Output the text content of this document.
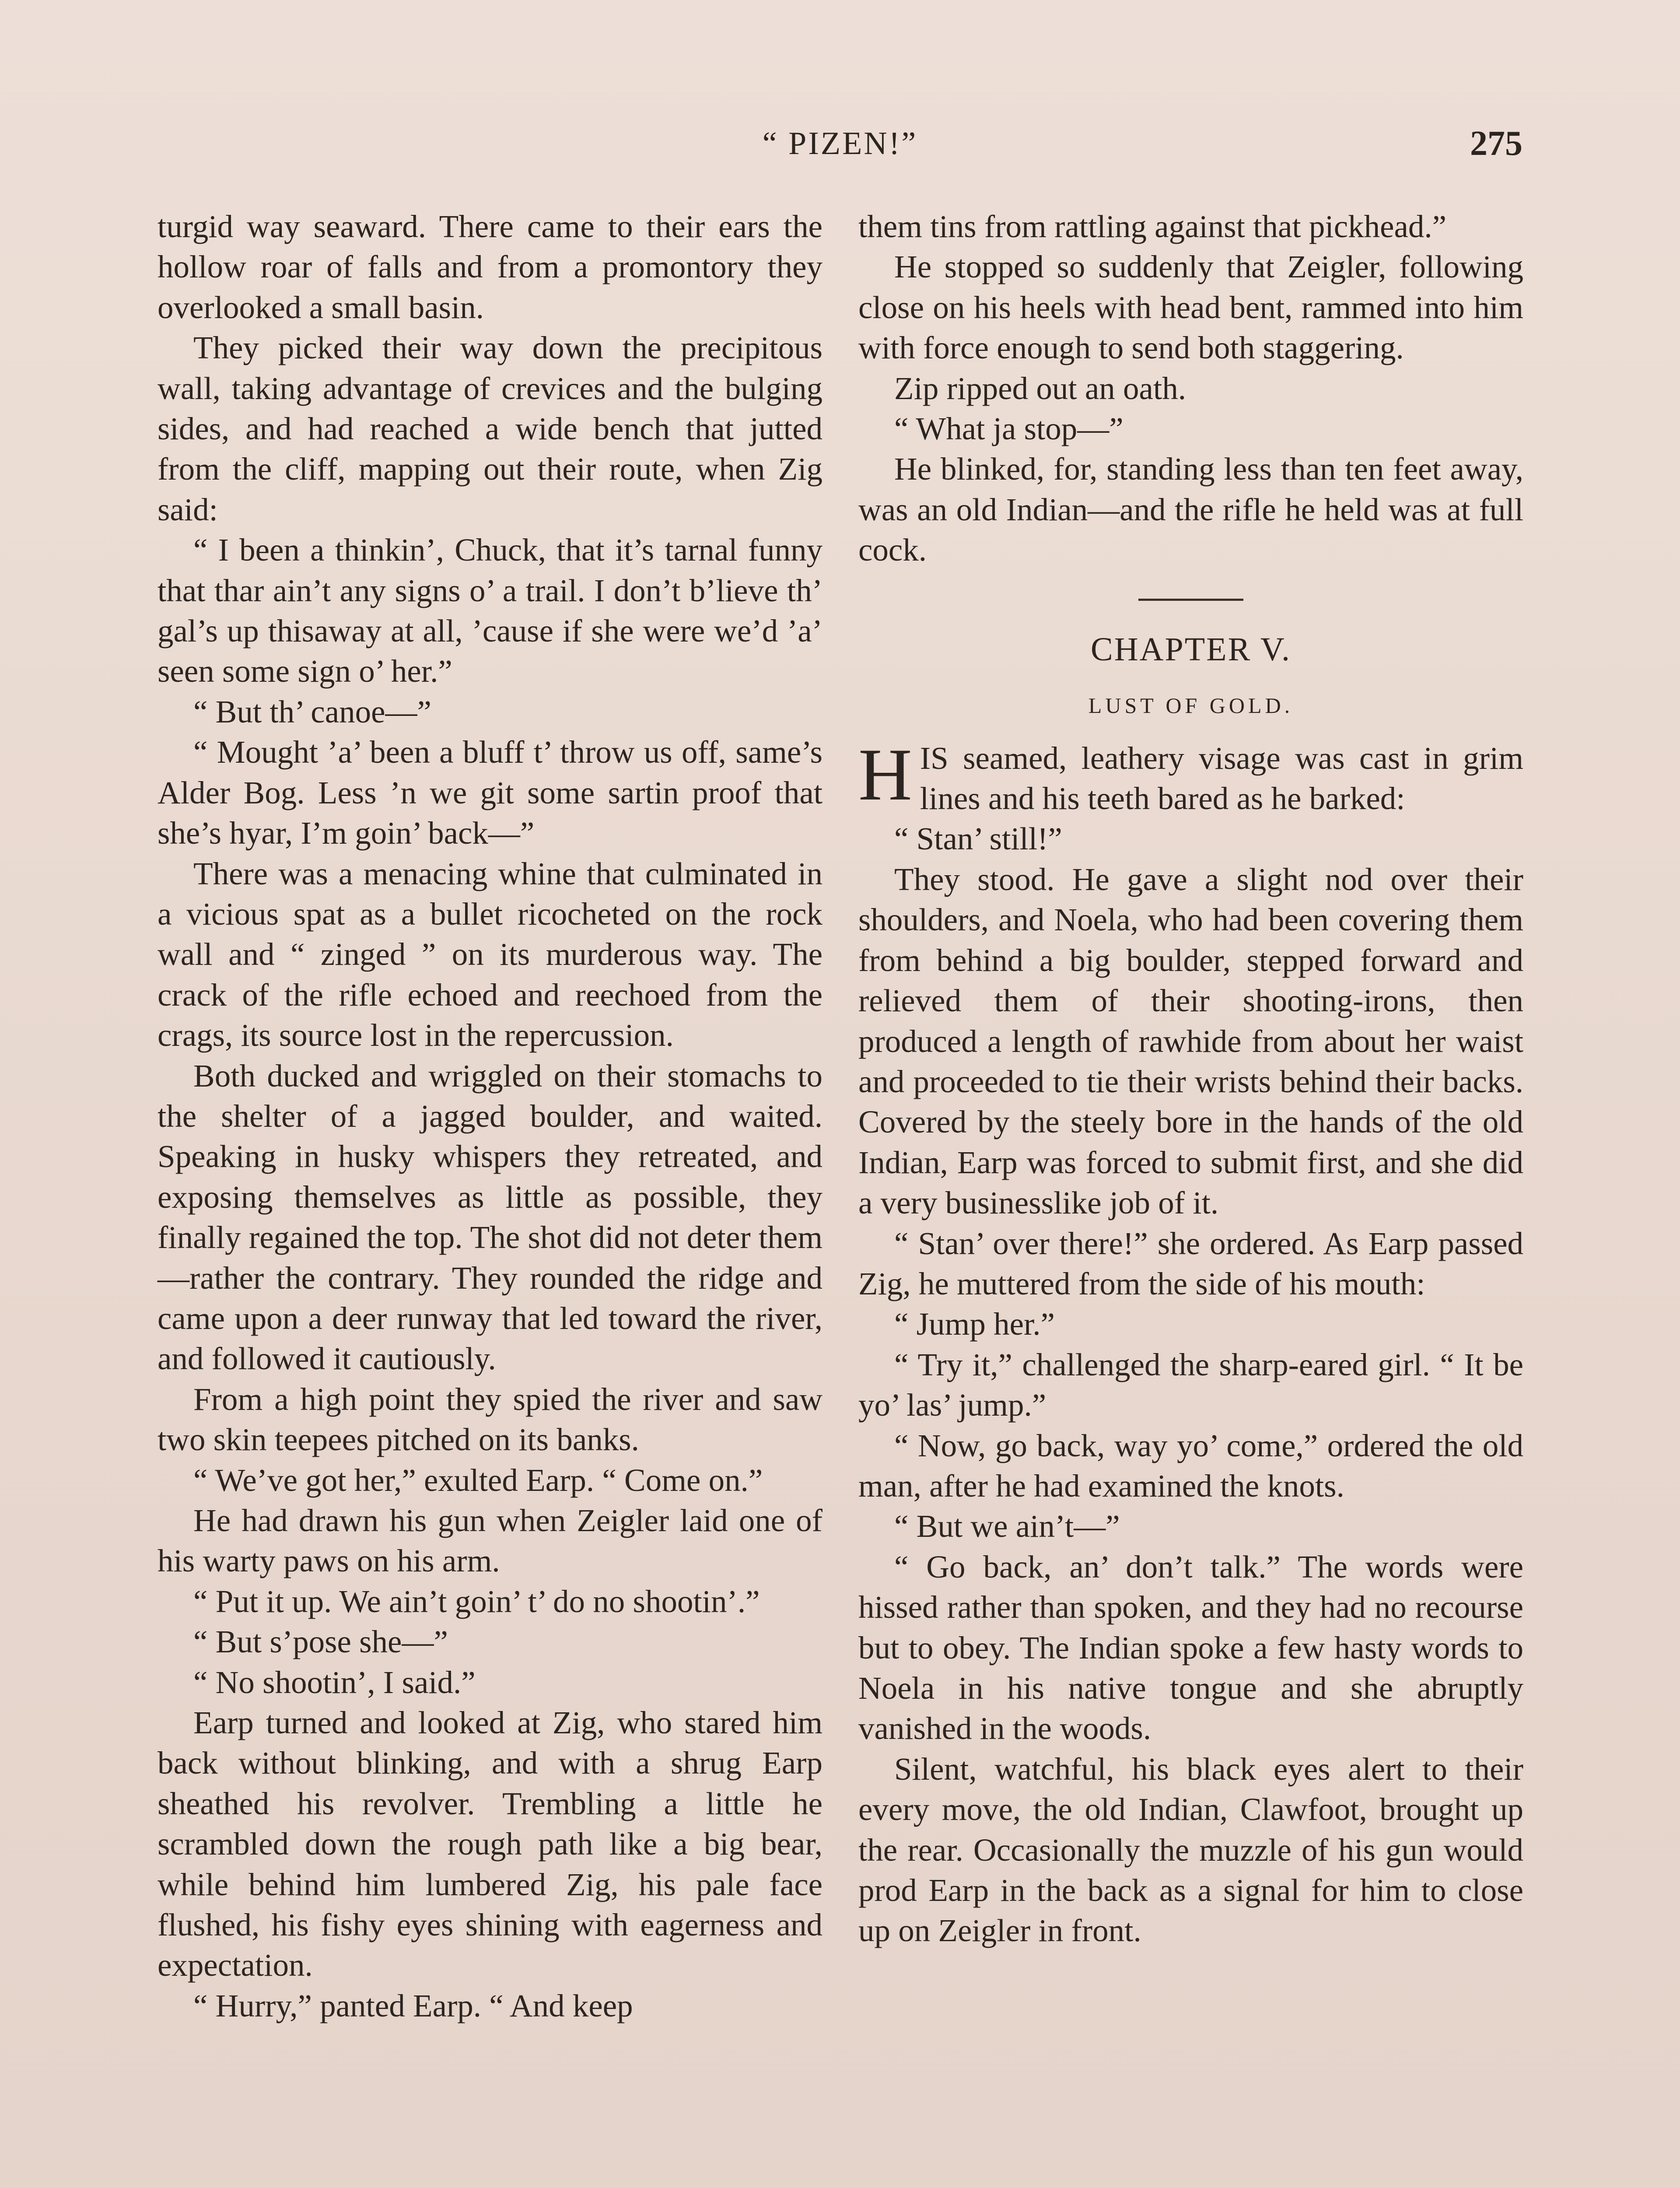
“ PIZEN!”	275

turgid way seaward. There came to their ears the hollow roar of falls and from a promontory they overlooked a small basin.

They picked their way down the precipitous wall, taking advantage of crevices and the bulging sides, and had reached a wide bench that jutted from the cliff, mapping out their route, when Zig said:

“ I been a thinkin’, Chuck, that it’s tarnal funny that thar ain’t any signs o’ a trail. I don’t b’lieve th’ gal’s up thisaway at all, ’cause if she were we’d ’a’ seen some sign o’ her.”

“ But th’ canoe—”

“ Mought ’a’ been a bluff t’ throw us off, same’s Alder Bog. Less ’n we git some sartin proof that she’s hyar, I’m goin’ back—”

There was a menacing whine that culminated in a vicious spat as a bullet ricocheted on the rock wall and “ zinged ” on its murderous way. The crack of the rifle echoed and reechoed from the crags, its source lost in the repercussion.

Both ducked and wriggled on their stomachs to the shelter of a jagged boulder, and waited. Speaking in husky whispers they retreated, and exposing themselves as little as possible, they finally regained the top. The shot did not deter them—rather the contrary. They rounded the ridge and came upon a deer runway that led toward the river, and followed it cautiously.

From a high point they spied the river and saw two skin teepees pitched on its banks.

“ We’ve got her,” exulted Earp. “ Come on.”

He had drawn his gun when Zeigler laid one of his warty paws on his arm.

“ Put it up. We ain’t goin’ t’ do no shootin’.”

“ But s’pose she—”

“ No shootin’, I said.”

Earp turned and looked at Zig, who stared him back without blinking, and with a shrug Earp sheathed his revolver. Trembling a little he scrambled down the rough path like a big bear, while behind him lumbered Zig, his pale face flushed, his fishy eyes shining with eagerness and expectation.

“ Hurry,” panted Earp. “ And keep

them tins from rattling against that pickhead.”

He stopped so suddenly that Zeigler, following close on his heels with head bent, rammed into him with force enough to send both staggering.

Zip ripped out an oath.

“ What ja stop—”

He blinked, for, standing less than ten feet away, was an old Indian—and the rifle he held was at full cock.

CHAPTER V.
LUST OF GOLD.

HIS seamed, leathery visage was cast in grim lines and his teeth bared as he barked:

“ Stan’ still!”

They stood. He gave a slight nod over their shoulders, and Noela, who had been covering them from behind a big boulder, stepped forward and relieved them of their shooting-irons, then produced a length of rawhide from about her waist and proceeded to tie their wrists behind their backs. Covered by the steely bore in the hands of the old Indian, Earp was forced to submit first, and she did a very businesslike job of it.

“ Stan’ over there!” she ordered. As Earp passed Zig, he muttered from the side of his mouth:

“ Jump her.”

“ Try it,” challenged the sharp-eared girl. “ It be yo’ las’ jump.”

“ Now, go back, way yo’ come,” ordered the old man, after he had examined the knots.

“ But we ain’t—”

“ Go back, an’ don’t talk.” The words were hissed rather than spoken, and they had no recourse but to obey. The Indian spoke a few hasty words to Noela in his native tongue and she abruptly vanished in the woods.

Silent, watchful, his black eyes alert to their every move, the old Indian, Clawfoot, brought up the rear. Occasionally the muzzle of his gun would prod Earp in the back as a signal for him to close up on Zeigler in front.
